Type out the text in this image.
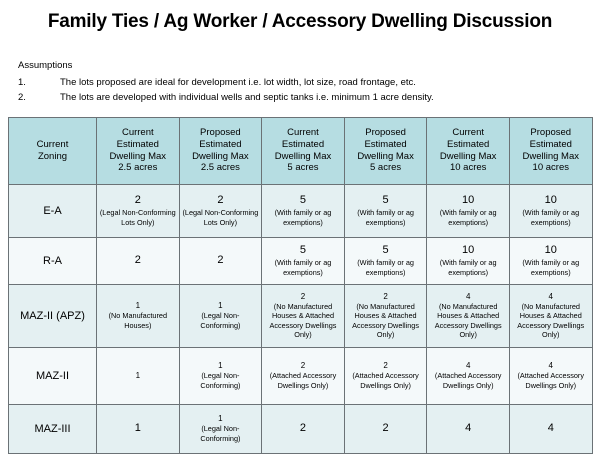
Family Ties / Ag Worker / Accessory Dwelling Discussion
Assumptions
1.	The lots proposed are ideal for development i.e. lot width, lot size, road frontage, etc.
2.	The lots are developed with individual wells and septic tanks i.e. minimum 1 acre density.
Current
Zoning	Current
Estimated
Dwelling Max
2.5 acres	Proposed
Estimated
Dwelling Max
2.5 acres	Current
Estimated
Dwelling Max
5 acres	Proposed
Estimated
Dwelling Max
5 acres	Current
Estimated
Dwelling Max
10 acres	Proposed
Estimated
Dwelling Max
10 acres

E-A	2
(Legal Non-Conforming Lots Only)	2
(Legal Non-Conforming Lots Only)	5
(With family or ag exemptions)	5
(With family or ag exemptions)	10
(With family or ag exemptions)	10
(With family or ag exemptions)

R-A	2	2	5
(With family or ag exemptions)	5
(With family or ag exemptions)	10
(With family or ag exemptions)	10
(With family or ag exemptions)

MAZ-II (APZ)	1
(No Manufactured Houses)	1
(Legal Non-Conforming)	2
(No Manufactured Houses & Attached Accessory Dwellings Only)	2
(No Manufactured Houses & Attached Accessory Dwellings Only)	4
(No Manufactured Houses & Attached Accessory Dwellings Only)	4
(No Manufactured Houses & Attached Accessory Dwellings Only)

MAZ-II	1	1
(Legal Non-Conforming)	2
(Attached Accessory Dwellings Only)	2
(Attached Accessory Dwellings Only)	4
(Attached Accessory Dwellings Only)	4
(Attached Accessory Dwellings Only)

MAZ-III	1	1
(Legal Non-Conforming)	2	2	4	4
